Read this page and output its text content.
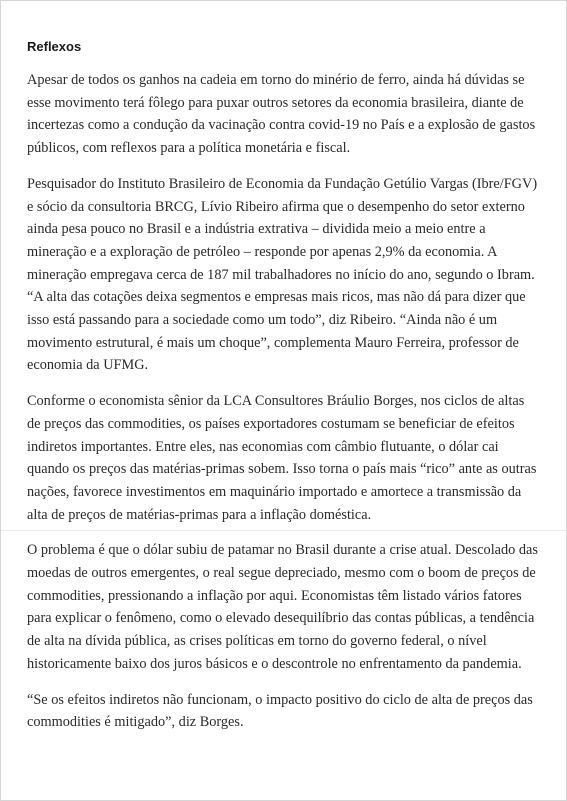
Reflexos

Apesar de todos os ganhos na cadeia em torno do minério de ferro, ainda há dúvidas se esse movimento terá fôlego para puxar outros setores da economia brasileira, diante de incertezas como a condução da vacinação contra covid-19 no País e a explosão de gastos públicos, com reflexos para a política monetária e fiscal.

Pesquisador do Instituto Brasileiro de Economia da Fundação Getúlio Vargas (Ibre/FGV) e sócio da consultoria BRCG, Lívio Ribeiro afirma que o desempenho do setor externo ainda pesa pouco no Brasil e a indústria extrativa – dividida meio a meio entre a mineração e a exploração de petróleo – responde por apenas 2,9% da economia. A mineração empregava cerca de 187 mil trabalhadores no início do ano, segundo o Ibram. “A alta das cotações deixa segmentos e empresas mais ricos, mas não dá para dizer que isso está passando para a sociedade como um todo”, diz Ribeiro. “Ainda não é um movimento estrutural, é mais um choque”, complementa Mauro Ferreira, professor de economia da UFMG.

Conforme o economista sênior da LCA Consultores Bráulio Borges, nos ciclos de altas de preços das commodities, os países exportadores costumam se beneficiar de efeitos indiretos importantes. Entre eles, nas economias com câmbio flutuante, o dólar cai quando os preços das matérias-primas sobem. Isso torna o país mais “rico” ante as outras nações, favorece investimentos em maquinário importado e amortece a transmissão da alta de preços de matérias-primas para a inflação doméstica.

O problema é que o dólar subiu de patamar no Brasil durante a crise atual. Descolado das moedas de outros emergentes, o real segue depreciado, mesmo com o boom de preços de commodities, pressionando a inflação por aqui. Economistas têm listado vários fatores para explicar o fenômeno, como o elevado desequilíbrio das contas públicas, a tendência de alta na dívida pública, as crises políticas em torno do governo federal, o nível historicamente baixo dos juros básicos e o descontrole no enfrentamento da pandemia.

“Se os efeitos indiretos não funcionam, o impacto positivo do ciclo de alta de preços das commodities é mitigado”, diz Borges.
